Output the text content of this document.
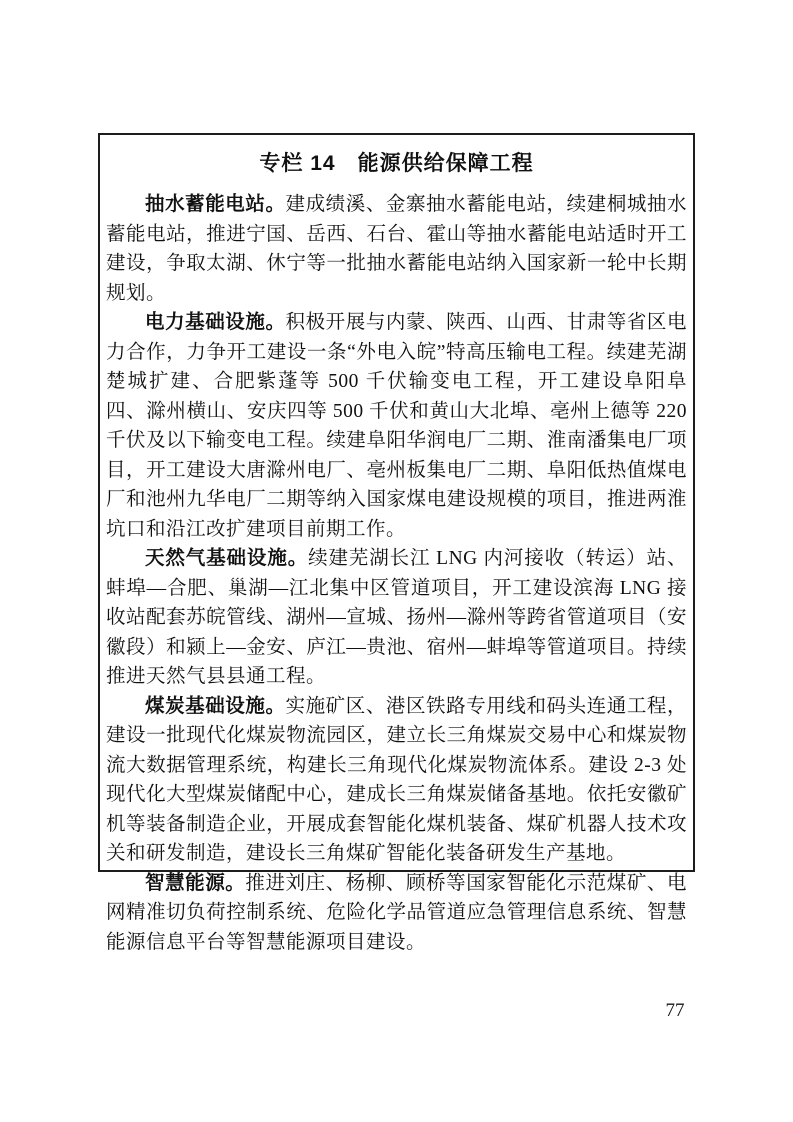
专栏 14　能源供给保障工程

抽水蓄能电站。建成绩溪、金寨抽水蓄能电站，续建桐城抽水蓄能电站，推进宁国、岳西、石台、霍山等抽水蓄能电站适时开工建设，争取太湖、休宁等一批抽水蓄能电站纳入国家新一轮中长期规划。

电力基础设施。积极开展与内蒙、陕西、山西、甘肃等省区电力合作，力争开工建设一条“外电入皖”特高压输电工程。续建芜湖楚城扩建、合肥紫蓬等 500 千伏输变电工程，开工建设阜阳阜四、滁州横山、安庆四等 500 千伏和黄山大北埠、亳州上德等 220 千伏及以下输变电工程。续建阜阳华润电厂二期、淮南潘集电厂项目，开工建设大唐滁州电厂、亳州板集电厂二期、阜阳低热值煤电厂和池州九华电厂二期等纳入国家煤电建设规模的项目，推进两淮坑口和沿江改扩建项目前期工作。

天然气基础设施。续建芜湖长江 LNG 内河接收（转运）站、蚌埠—合肥、巢湖—江北集中区管道项目，开工建设滨海 LNG 接收站配套苏皖管线、湖州—宣城、扬州—滁州等跨省管道项目（安徽段）和颍上—金安、庐江—贵池、宿州—蚌埠等管道项目。持续推进天然气县县通工程。

煤炭基础设施。实施矿区、港区铁路专用线和码头连通工程，建设一批现代化煤炭物流园区，建立长三角煤炭交易中心和煤炭物流大数据管理系统，构建长三角现代化煤炭物流体系。建设 2-3 处现代化大型煤炭储配中心，建成长三角煤炭储备基地。依托安徽矿机等装备制造企业，开展成套智能化煤机装备、煤矿机器人技术攻关和研发制造，建设长三角煤矿智能化装备研发生产基地。

智慧能源。推进刘庄、杨柳、顾桥等国家智能化示范煤矿、电网精准切负荷控制系统、危险化学品管道应急管理信息系统、智慧能源信息平台等智慧能源项目建设。

77
